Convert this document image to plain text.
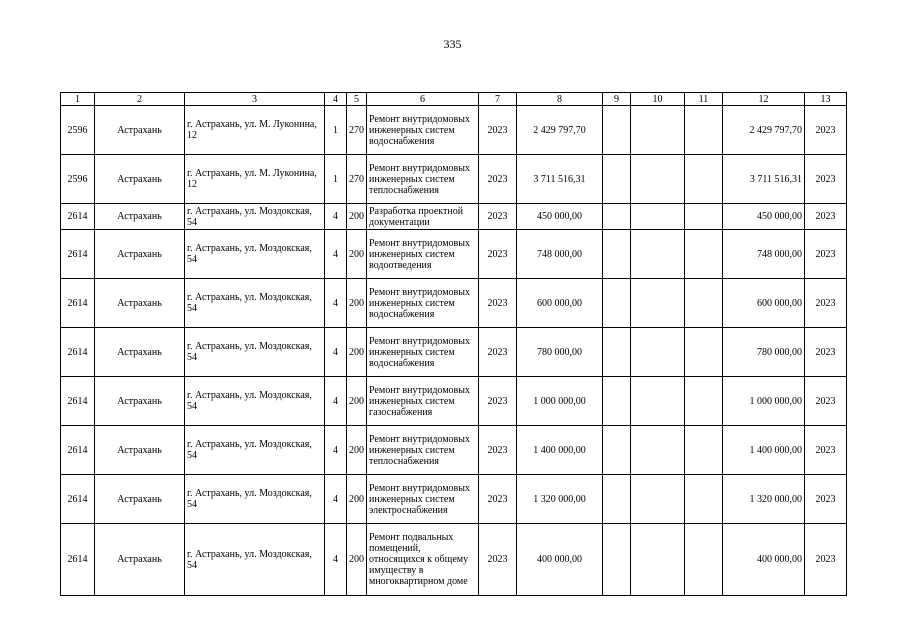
335
1	2	3	4	5	6	7	8	9	10	11	12	13
2596	Астрахань	г. Астрахань, ул. М. Луконина, 12	1	270	Ремонт внутридомовых инженерных систем водоснабжения	2023	2 429 797,70				2 429 797,70	2023
2596	Астрахань	г. Астрахань, ул. М. Луконина, 12	1	270	Ремонт внутридомовых инженерных систем теплоснабжения	2023	3 711 516,31				3 711 516,31	2023
2614	Астрахань	г. Астрахань, ул. Моздокская, 54	4	200	Разработка проектной документации	2023	450 000,00				450 000,00	2023
2614	Астрахань	г. Астрахань, ул. Моздокская, 54	4	200	Ремонт внутридомовых инженерных систем водоотведения	2023	748 000,00				748 000,00	2023
2614	Астрахань	г. Астрахань, ул. Моздокская, 54	4	200	Ремонт внутридомовых инженерных систем водоснабжения	2023	600 000,00				600 000,00	2023
2614	Астрахань	г. Астрахань, ул. Моздокская, 54	4	200	Ремонт внутридомовых инженерных систем водоснабжения	2023	780 000,00				780 000,00	2023
2614	Астрахань	г. Астрахань, ул. Моздокская, 54	4	200	Ремонт внутридомовых инженерных систем газоснабжения	2023	1 000 000,00				1 000 000,00	2023
2614	Астрахань	г. Астрахань, ул. Моздокская, 54	4	200	Ремонт внутридомовых инженерных систем теплоснабжения	2023	1 400 000,00				1 400 000,00	2023
2614	Астрахань	г. Астрахань, ул. Моздокская, 54	4	200	Ремонт внутридомовых инженерных систем электроснабжения	2023	1 320 000,00				1 320 000,00	2023
2614	Астрахань	г. Астрахань, ул. Моздокская, 54	4	200	Ремонт подвальных помещений, относящихся к общему имуществу в многоквартирном доме	2023	400 000,00				400 000,00	2023
